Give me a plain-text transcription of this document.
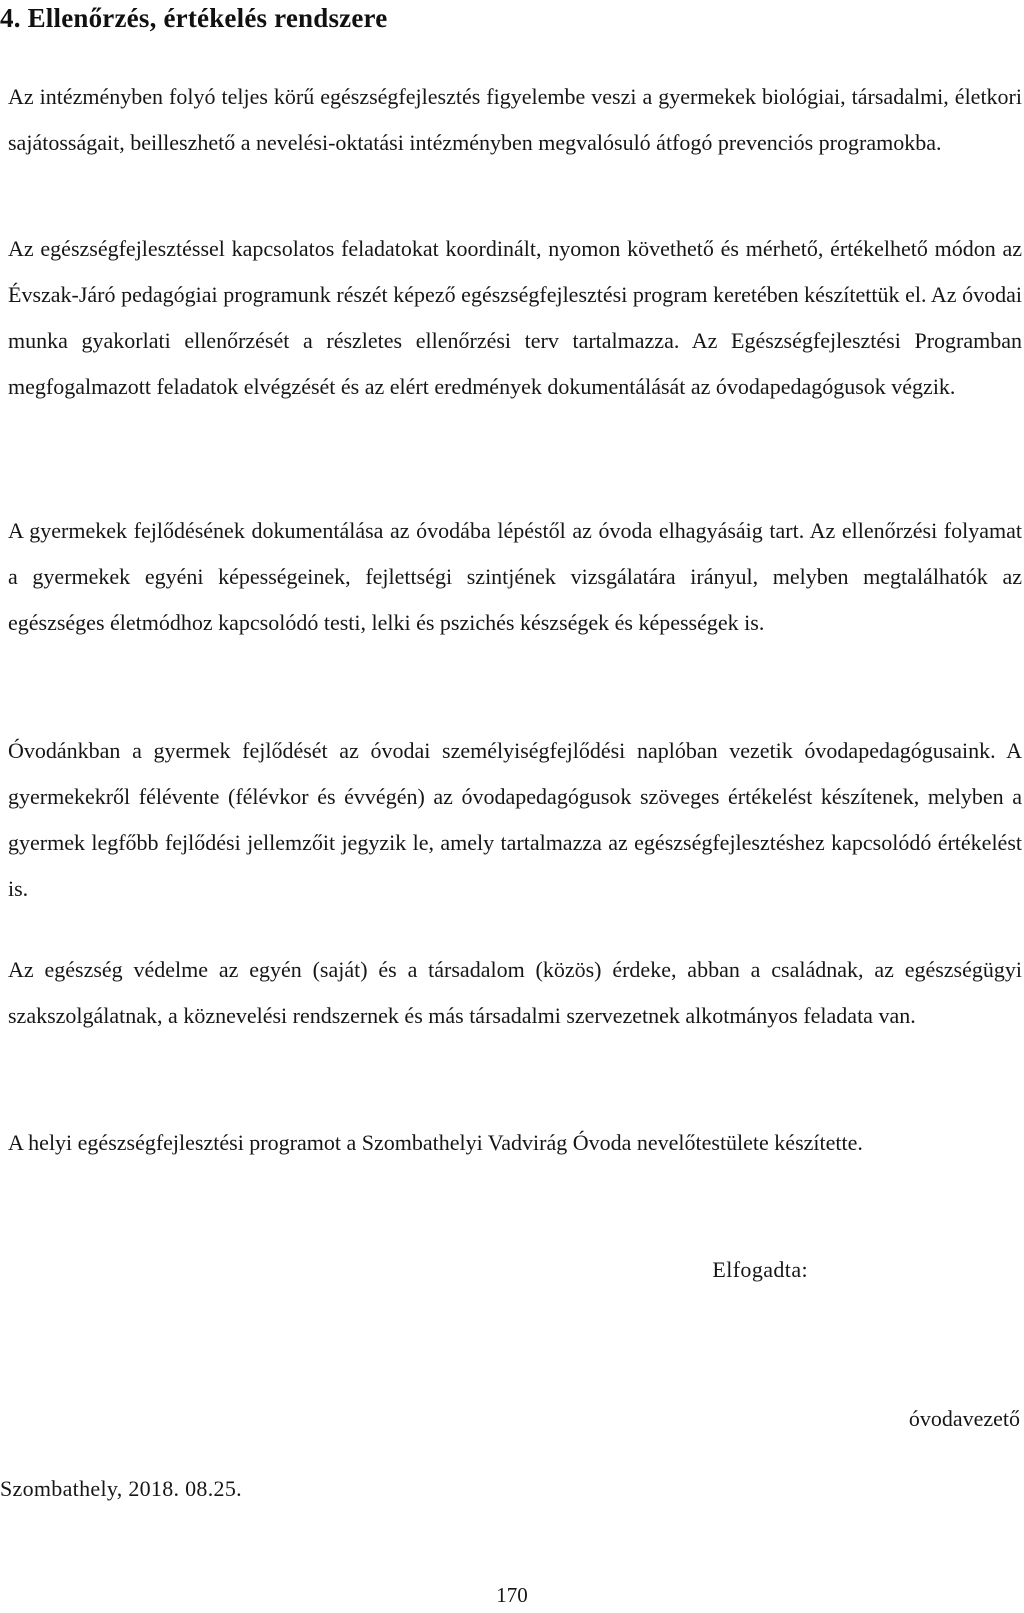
4. Ellenőrzés, értékelés rendszere

Az intézményben folyó teljes körű egészségfejlesztés figyelembe veszi a gyermekek biológiai, társadalmi, életkori sajátosságait, beilleszhető a nevelési-oktatási intézményben megvalósuló átfogó prevenciós programokba.

Az egészségfejlesztéssel kapcsolatos feladatokat koordinált, nyomon követhető és mérhető, értékelhető módon az Évszak-Járó pedagógiai programunk részét képező egészségfejlesztési program keretében készítettük el. Az óvodai munka gyakorlati ellenőrzését a részletes ellenőrzési terv tartalmazza. Az Egészségfejlesztési Programban megfogalmazott feladatok elvégzését és az elért eredmények dokumentálását az óvodapedagógusok végzik.

A gyermekek fejlődésének dokumentálása az óvodába lépéstől az óvoda elhagyásáig tart. Az ellenőrzési folyamat a gyermekek egyéni képességeinek, fejlettségi szintjének vizsgálatára irányul, melyben megtalálhatók az egészséges életmódhoz kapcsolódó testi, lelki és pszichés készségek és képességek is.

Óvodánkban a gyermek fejlődését az óvodai személyiségfejlődési naplóban vezetik óvodapedagógusaink. A gyermekekről félévente (félévkor és évvégén) az óvodapedagógusok szöveges értékelést készítenek, melyben a gyermek legfőbb fejlődési jellemzőit jegyzik le, amely tartalmazza az egészségfejlesztéshez kapcsolódó értékelést is.

Az egészség védelme az egyén (saját) és a társadalom (közös) érdeke, abban a családnak, az egészségügyi szakszolgálatnak, a köznevelési rendszernek és más társadalmi szervezetnek alkotmányos feladata van.

A helyi egészségfejlesztési programot a Szombathelyi Vadvirág Óvoda nevelőtestülete készítette.

Elfogadta:

óvodavezető

Szombathely, 2018. 08.25.

170
